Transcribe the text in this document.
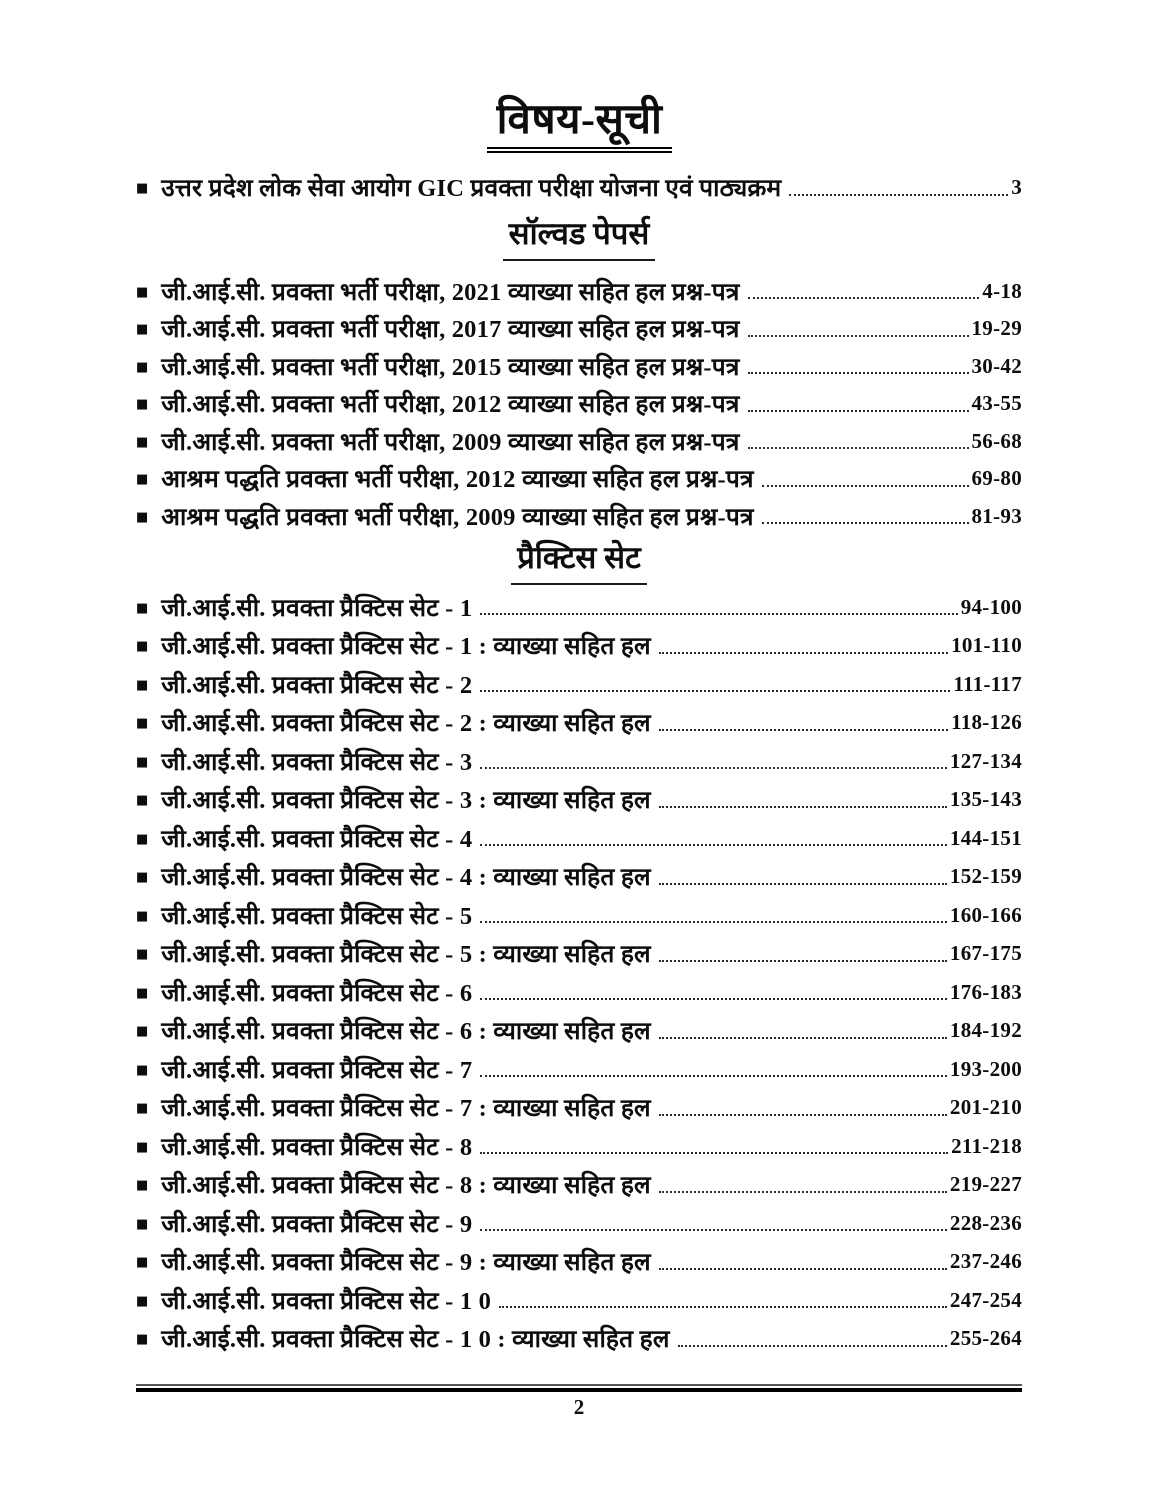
विषय-सूची
■ उत्तर प्रदेश लोक सेवा आयोग GIC प्रवक्ता परीक्षा योजना एवं पाठ्यक्रम	3
सॉल्वड पेपर्स
■ जी.आई.सी. प्रवक्ता भर्ती परीक्षा, 2021 व्याख्या सहित हल प्रश्न-पत्र	4-18
■ जी.आई.सी. प्रवक्ता भर्ती परीक्षा, 2017 व्याख्या सहित हल प्रश्न-पत्र	19-29
■ जी.आई.सी. प्रवक्ता भर्ती परीक्षा, 2015 व्याख्या सहित हल प्रश्न-पत्र	30-42
■ जी.आई.सी. प्रवक्ता भर्ती परीक्षा, 2012 व्याख्या सहित हल प्रश्न-पत्र	43-55
■ जी.आई.सी. प्रवक्ता भर्ती परीक्षा, 2009 व्याख्या सहित हल प्रश्न-पत्र	56-68
■ आश्रम पद्धति प्रवक्ता भर्ती परीक्षा, 2012 व्याख्या सहित हल प्रश्न-पत्र	69-80
■ आश्रम पद्धति प्रवक्ता भर्ती परीक्षा, 2009 व्याख्या सहित हल प्रश्न-पत्र	81-93
प्रैक्टिस सेट
■ जी.आई.सी. प्रवक्ता प्रैक्टिस सेट - 1	94-100
■ जी.आई.सी. प्रवक्ता प्रैक्टिस सेट - 1 : व्याख्या सहित हल	101-110
■ जी.आई.सी. प्रवक्ता प्रैक्टिस सेट - 2	111-117
■ जी.आई.सी. प्रवक्ता प्रैक्टिस सेट - 2 : व्याख्या सहित हल	118-126
■ जी.आई.सी. प्रवक्ता प्रैक्टिस सेट - 3	127-134
■ जी.आई.सी. प्रवक्ता प्रैक्टिस सेट - 3 : व्याख्या सहित हल	135-143
■ जी.आई.सी. प्रवक्ता प्रैक्टिस सेट - 4	144-151
■ जी.आई.सी. प्रवक्ता प्रैक्टिस सेट - 4 : व्याख्या सहित हल	152-159
■ जी.आई.सी. प्रवक्ता प्रैक्टिस सेट - 5	160-166
■ जी.आई.सी. प्रवक्ता प्रैक्टिस सेट - 5 : व्याख्या सहित हल	167-175
■ जी.आई.सी. प्रवक्ता प्रैक्टिस सेट - 6	176-183
■ जी.आई.सी. प्रवक्ता प्रैक्टिस सेट - 6 : व्याख्या सहित हल	184-192
■ जी.आई.सी. प्रवक्ता प्रैक्टिस सेट - 7	193-200
■ जी.आई.सी. प्रवक्ता प्रैक्टिस सेट - 7 : व्याख्या सहित हल	201-210
■ जी.आई.सी. प्रवक्ता प्रैक्टिस सेट - 8	211-218
■ जी.आई.सी. प्रवक्ता प्रैक्टिस सेट - 8 : व्याख्या सहित हल	219-227
■ जी.आई.सी. प्रवक्ता प्रैक्टिस सेट - 9	228-236
■ जी.आई.सी. प्रवक्ता प्रैक्टिस सेट - 9 : व्याख्या सहित हल	237-246
■ जी.आई.सी. प्रवक्ता प्रैक्टिस सेट - 1 0	247-254
■ जी.आई.सी. प्रवक्ता प्रैक्टिस सेट - 1 0 : व्याख्या सहित हल	255-264
2
